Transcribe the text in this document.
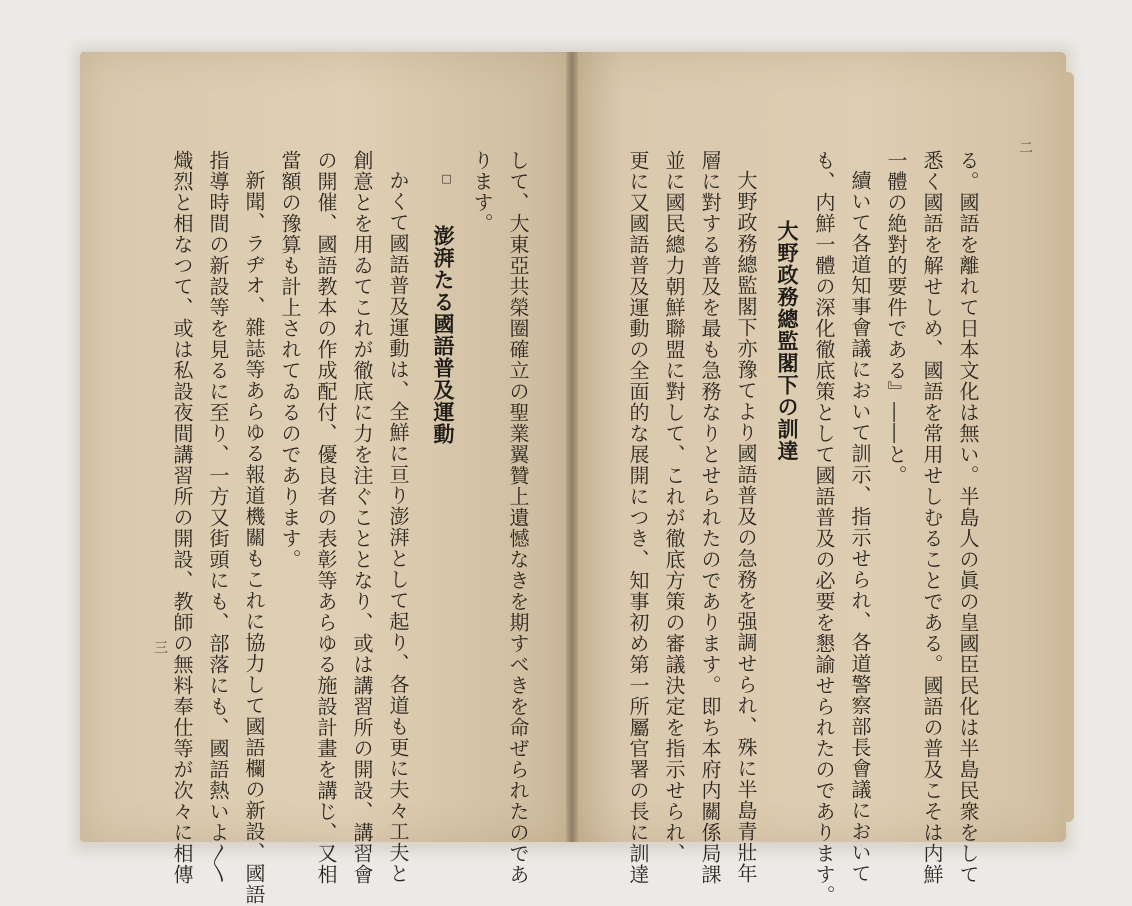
二
る。國語を離れて日本文化は無い。半島人の眞の皇國臣民化は半島民衆をして
悉く國語を解せしめ、國語を常用せしむることである。國語の普及こそは内鮮
一體の絶對的要件である』――と。
續いて各道知事會議において訓示、指示せられ、各道警察部長會議において
も、内鮮一體の深化徹底策として國語普及の必要を懇諭せられたのであります。
大野政務總監閣下の訓達
大野政務總監閣下亦豫てより國語普及の急務を强調せられ、殊に半島青壯年
層に對する普及を最も急務なりとせられたのであります。即ち本府内關係局課
並に國民總力朝鮮聯盟に對して、これが徹底方策の審議決定を指示せられ、
更に又國語普及運動の全面的な展開につき、知事初め第一所屬官署の長に訓達
して、大東亞共榮圈確立の聖業翼贊上遺憾なきを期すべきを命ぜられたのであ
ります。
□
澎湃たる國語普及運動
かくて國語普及運動は、全鮮に亘り澎湃として起り、各道も更に夫々工夫と
創意とを用ゐてこれが徹底に力を注ぐこととなり、或は講習所の開設、講習會
の開催、國語教本の作成配付、優良者の表彰等あらゆる施設計畫を講じ、又相
當額の豫算も計上されてゐるのであります。
新聞、ラヂオ、雜誌等あらゆる報道機關もこれに協力して國語欄の新設、國語
指導時間の新設等を見るに至り、一方又街頭にも、部落にも、國語熱いよ〳〵
熾烈と相なつて、或は私設夜間講習所の開設、教師の無料奉仕等が次々に相傳
三
